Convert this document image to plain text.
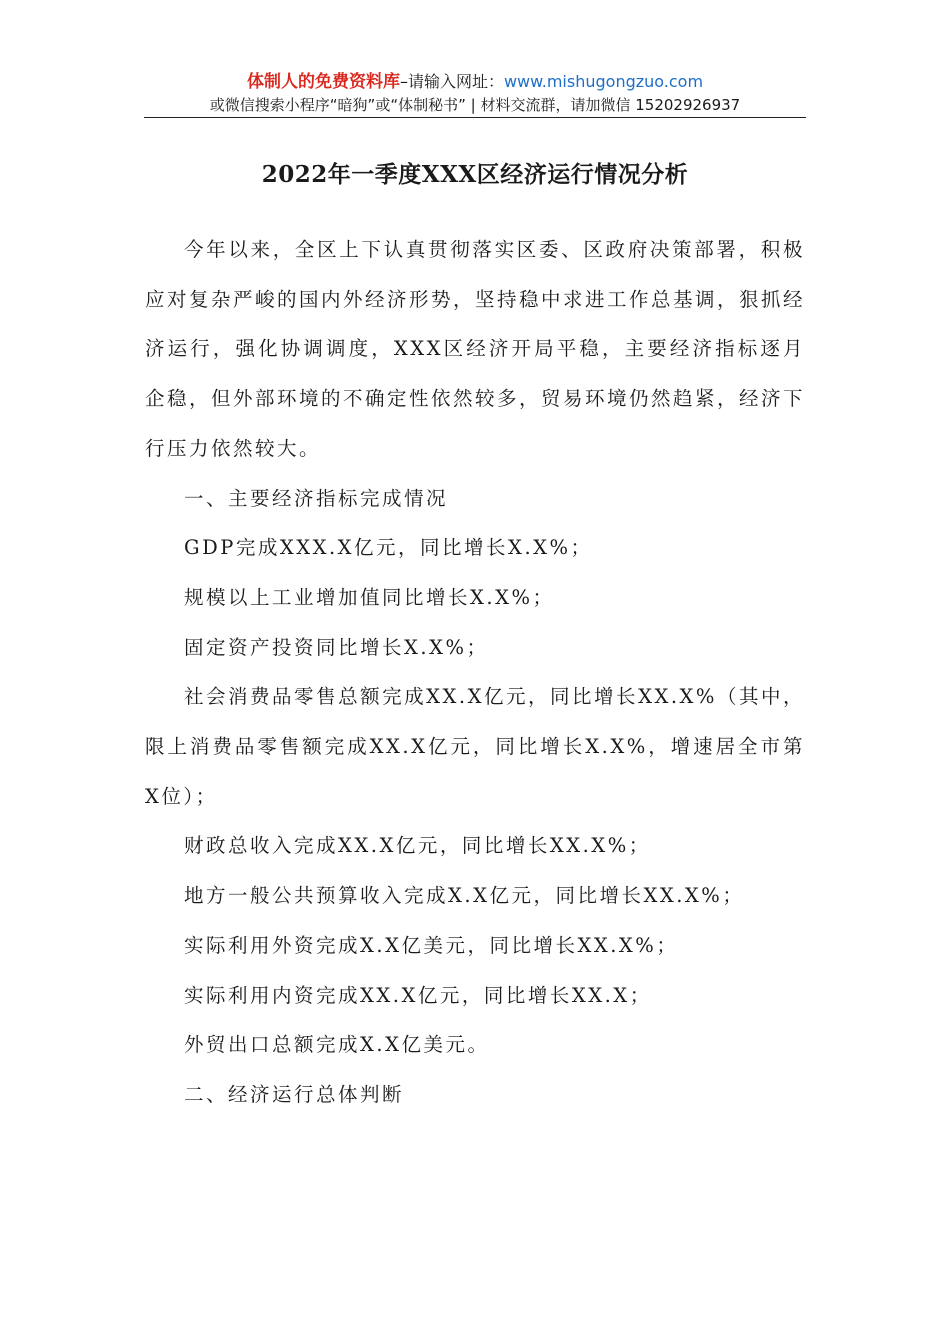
体制人的免费资料库–请输入网址：www.mishugongzuo.com
或微信搜索小程序“暗狗”或“体制秘书” | 材料交流群，请加微信 15202926937
2022年一季度XXX区经济运行情况分析

今年以来，全区上下认真贯彻落实区委、区政府决策部署，积极应对复杂严峻的国内外经济形势，坚持稳中求进工作总基调，狠抓经济运行，强化协调调度，XXX区经济开局平稳，主要经济指标逐月企稳，但外部环境的不确定性依然较多，贸易环境仍然趋紧，经济下行压力依然较大。

一、主要经济指标完成情况

GDP完成XXX.X亿元，同比增长X.X%；

规模以上工业增加值同比增长X.X%；

固定资产投资同比增长X.X%；

社会消费品零售总额完成XX.X亿元，同比增长XX.X%（其中，限上消费品零售额完成XX.X亿元，同比增长X.X%，增速居全市第X位）；

财政总收入完成XX.X亿元，同比增长XX.X%；

地方一般公共预算收入完成X.X亿元，同比增长XX.X%；

实际利用外资完成X.X亿美元，同比增长XX.X%；

实际利用内资完成XX.X亿元，同比增长XX.X；

外贸出口总额完成X.X亿美元。

二、经济运行总体判断
